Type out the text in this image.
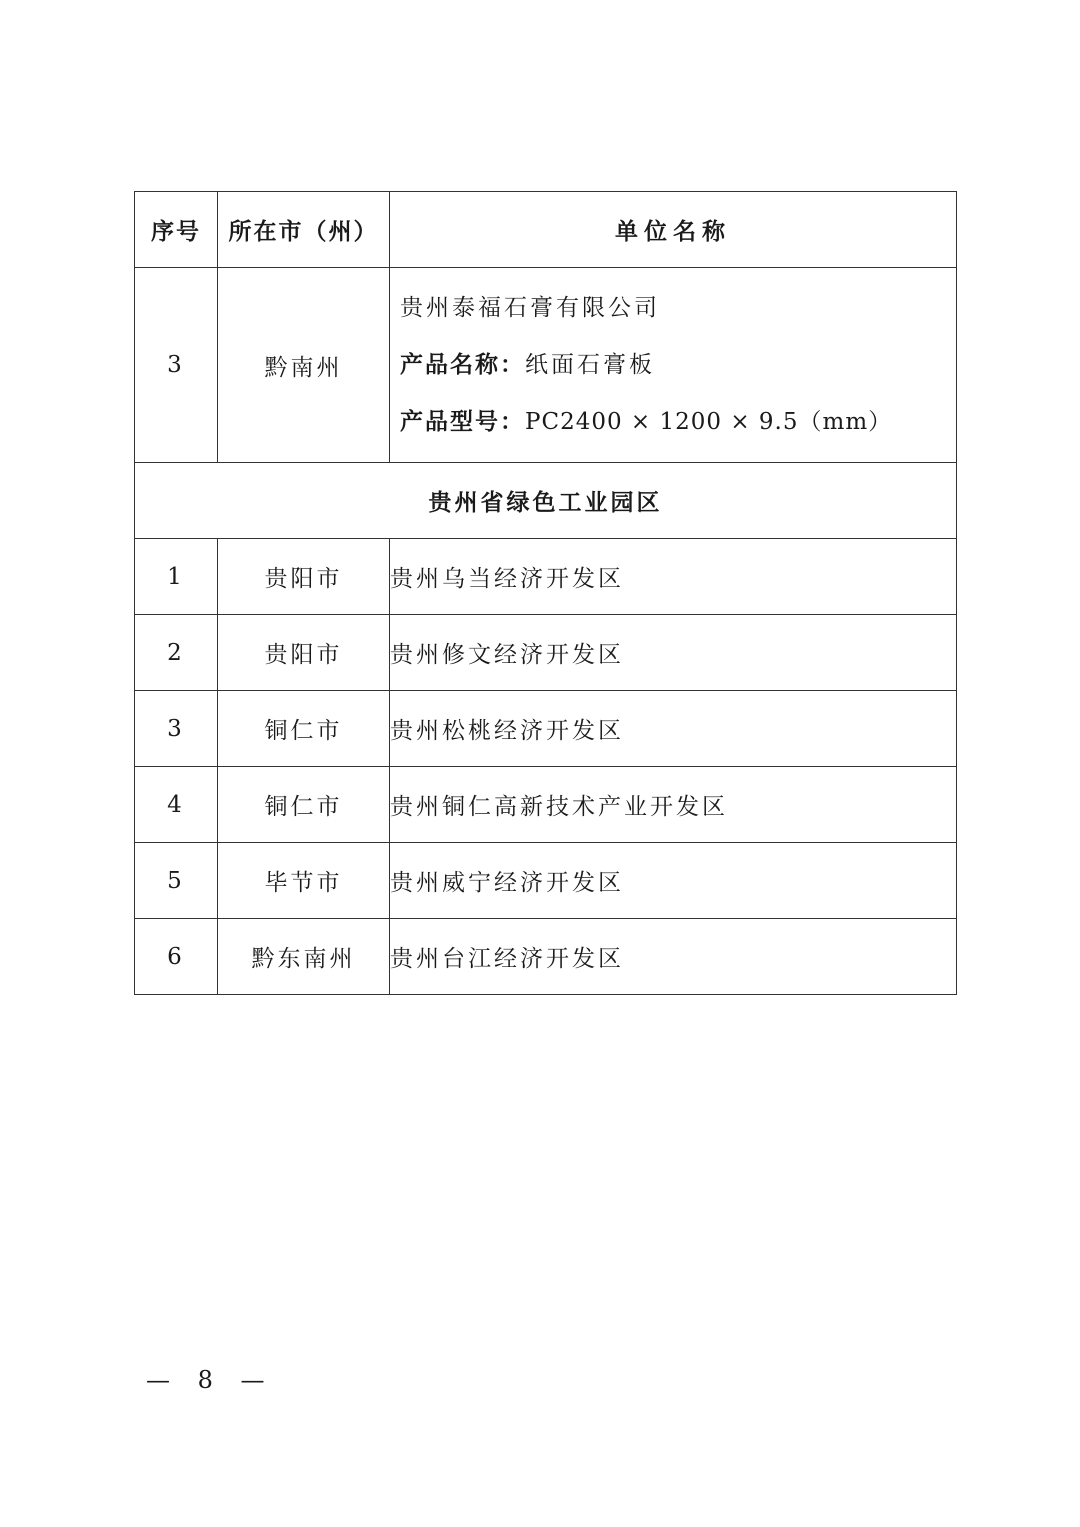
序号	所在市（州）	单位名称
3	黔南州	贵州泰福石膏有限公司
产品名称：纸面石膏板
产品型号：PC2400 × 1200 × 9.5（mm）

贵州省绿色工业园区		
1	贵阳市	贵州乌当经济开发区
2	贵阳市	贵州修文经济开发区
3	铜仁市	贵州松桃经济开发区
4	铜仁市	贵州铜仁高新技术产业开发区
5	毕节市	贵州威宁经济开发区
6	黔东南州	贵州台江经济开发区
— 8 —
